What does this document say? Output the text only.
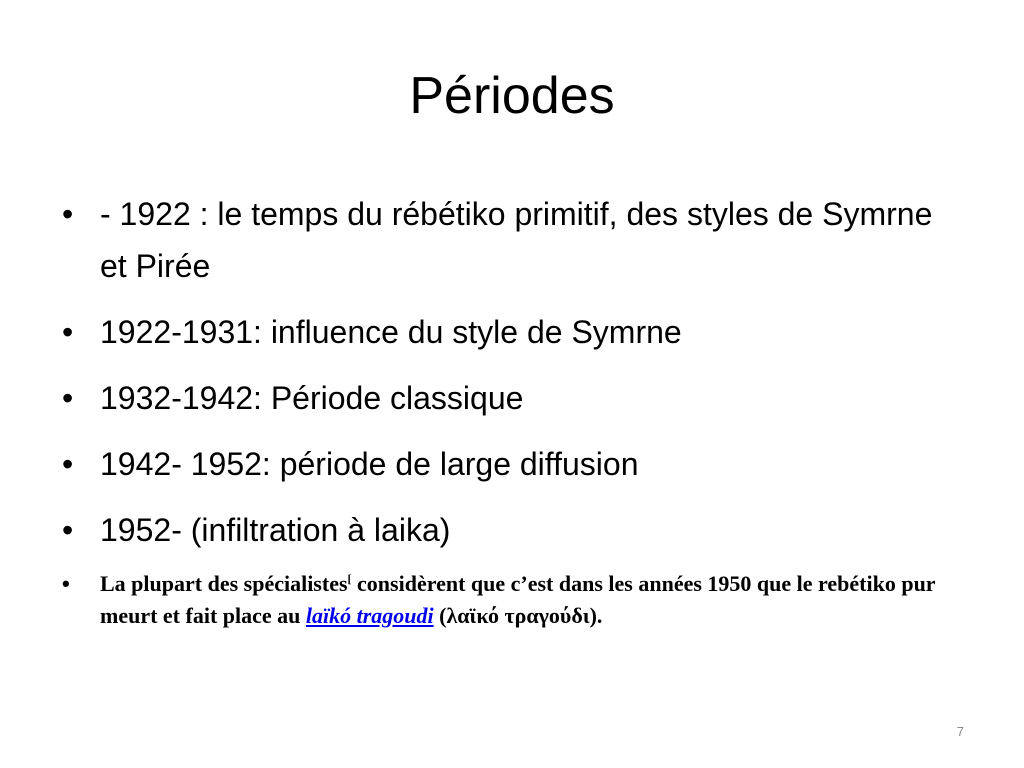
Périodes
• - 1922 : le temps du rébétiko primitif, des styles de Symrne et Pirée
• 1922-1931: influence du style de Symrne
• 1932-1942: Période classique
• 1942- 1952: période de large diffusion
• 1952- (infiltration à laika)
• La plupart des spécialistes[ considèrent que c’est dans les années 1950 que le rebétiko pur meurt et fait place au laïkó tragoudi (λαϊκό τραγούδι).
7
